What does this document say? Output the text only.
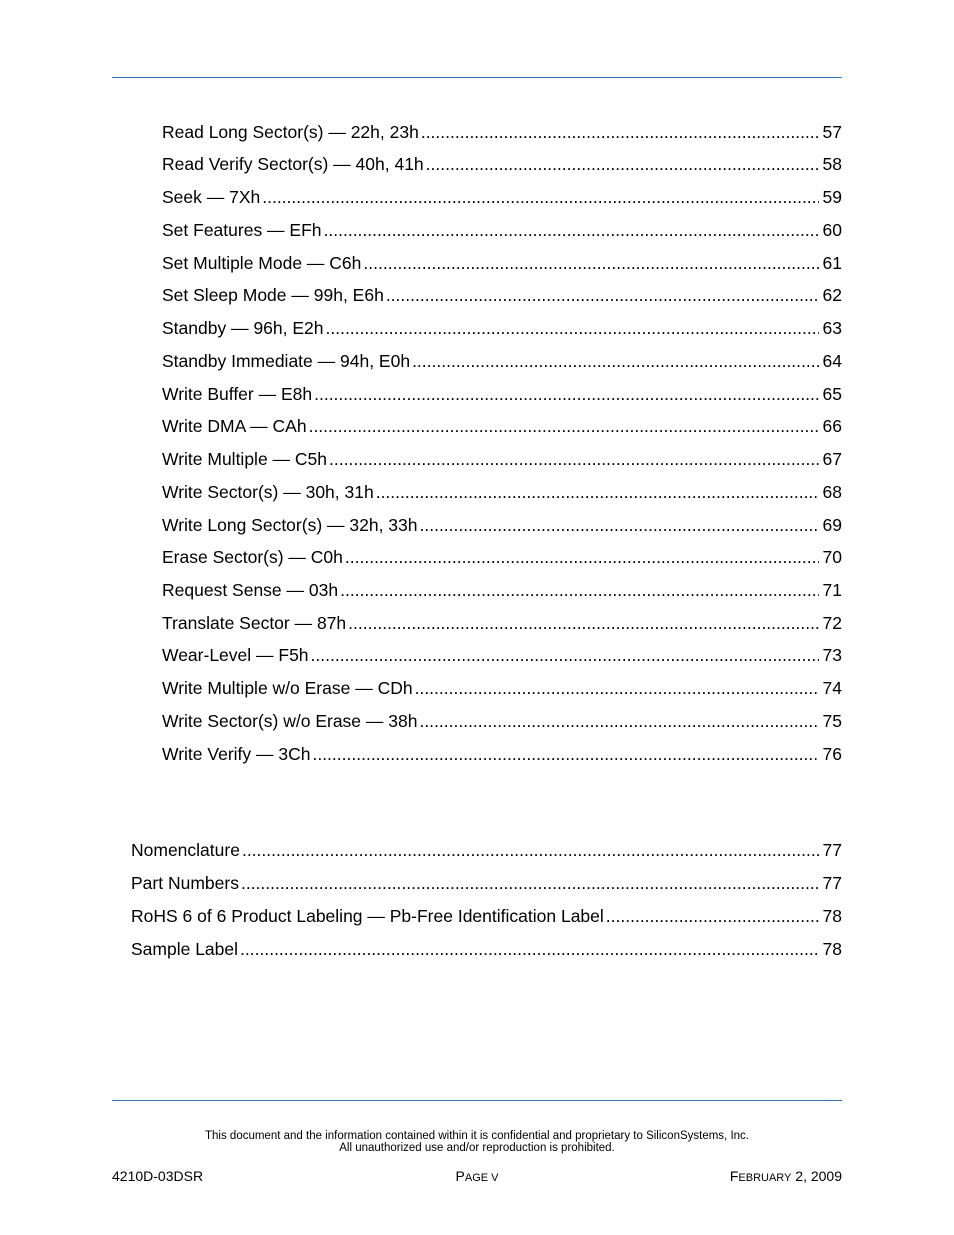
Read Long Sector(s) — 22h, 23h .....	57
Read Verify Sector(s) — 40h, 41h .....	58
Seek — 7Xh .....	59
Set Features — EFh .....	60
Set Multiple Mode — C6h .....	61
Set Sleep Mode — 99h, E6h .....	62
Standby — 96h, E2h .....	63
Standby Immediate — 94h, E0h .....	64
Write Buffer — E8h .....	65
Write DMA — CAh .....	66
Write Multiple — C5h .....	67
Write Sector(s) — 30h, 31h .....	68
Write Long Sector(s) — 32h, 33h .....	69
Erase Sector(s) — C0h .....	70
Request Sense — 03h .....	71
Translate Sector — 87h .....	72
Wear-Level — F5h .....	73
Write Multiple w/o Erase — CDh .....	74
Write Sector(s) w/o Erase — 38h .....	75
Write Verify — 3Ch .....	76
Nomenclature .....	77
Part Numbers .....	77
RoHS 6 of 6 Product Labeling — Pb-Free Identification Label .....	78
Sample Label .....	78
This document and the information contained within it is confidential and proprietary to SiliconSystems, Inc.
All unauthorized use and/or reproduction is prohibited.
4210D-03DSR	PAGE V	FEBRUARY 2, 2009
